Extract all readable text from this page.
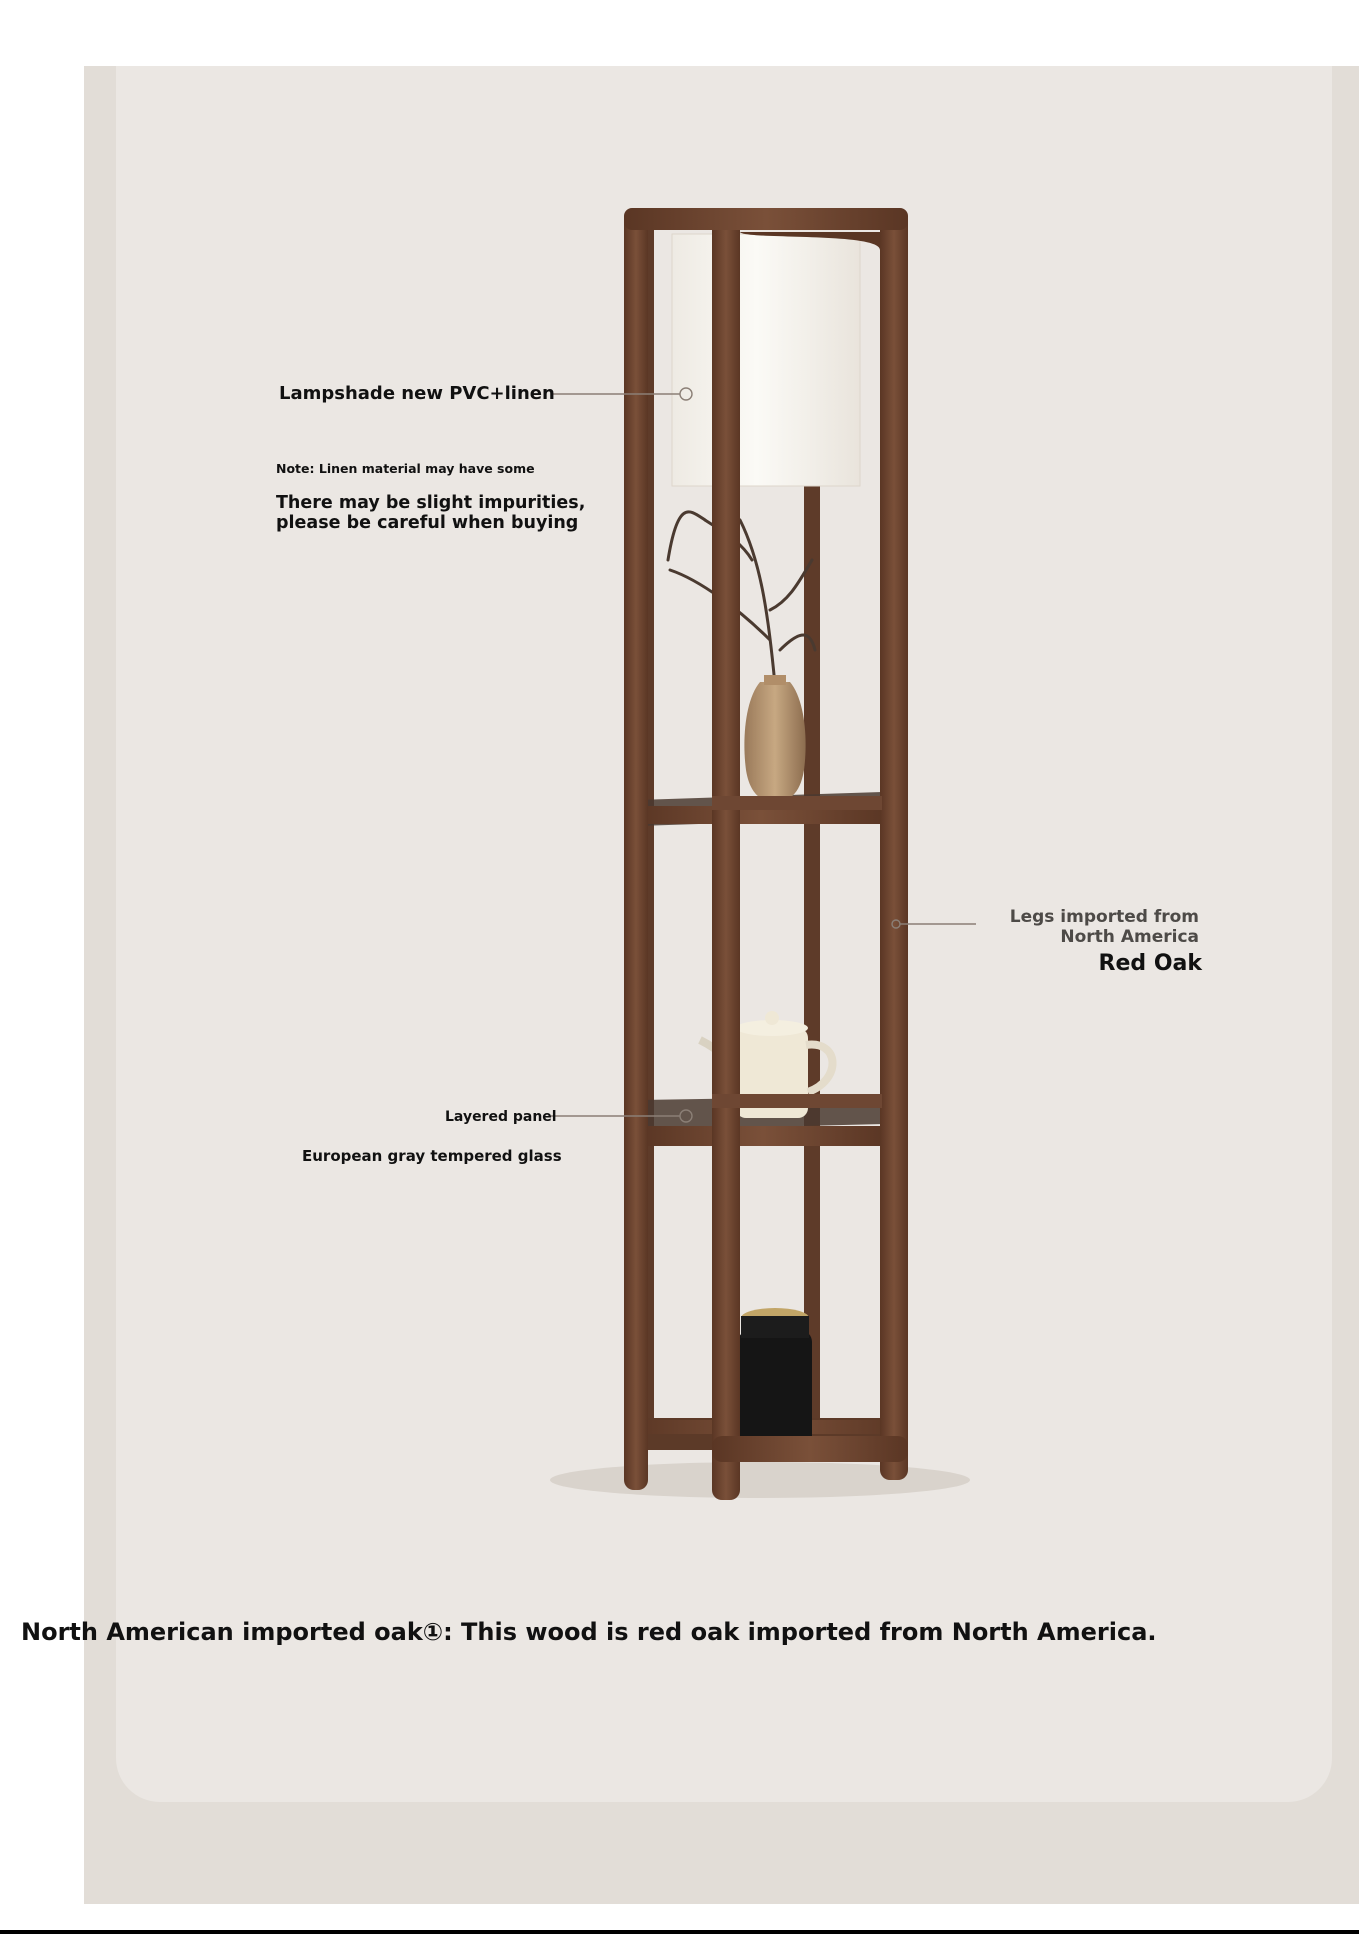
Lampshade new PVC+linen
Note: Linen material may have some
There may be slight impurities,
please be careful when buying
Layered panel
European gray tempered glass
Legs imported from
North America
Red Oak
North American imported oak①: This wood is red oak imported from North America.
